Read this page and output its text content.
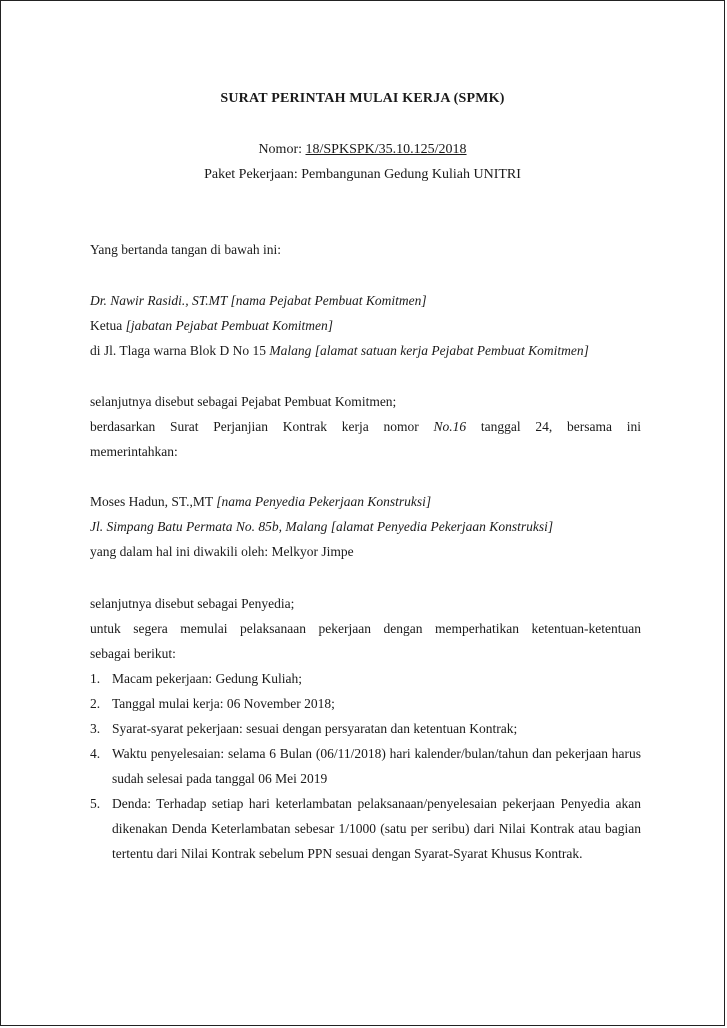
SURAT PERINTAH MULAI KERJA (SPMK)
Nomor: 18/SPKSPK/35.10.125/2018
Paket Pekerjaan: Pembangunan Gedung Kuliah UNITRI
Yang bertanda tangan di bawah ini:
Dr. Nawir Rasidi., ST.MT [nama Pejabat Pembuat Komitmen]
Ketua [jabatan Pejabat Pembuat Komitmen]
di Jl. Tlaga warna Blok D No 15 Malang [alamat satuan kerja Pejabat Pembuat Komitmen]
selanjutnya disebut sebagai Pejabat Pembuat Komitmen;
berdasarkan Surat Perjanjian Kontrak kerja nomor No.16 tanggal 24, bersama ini
memerintahkan:
Moses Hadun, ST.,MT [nama Penyedia Pekerjaan Konstruksi]
Jl. Simpang Batu Permata No. 85b, Malang [alamat Penyedia Pekerjaan Konstruksi]
yang dalam hal ini diwakili oleh: Melkyor Jimpe
selanjutnya disebut sebagai Penyedia;
untuk segera memulai pelaksanaan pekerjaan dengan memperhatikan ketentuan-ketentuan
sebagai berikut:
1. Macam pekerjaan: Gedung Kuliah;
2. Tanggal mulai kerja: 06 November 2018;
3. Syarat-syarat pekerjaan: sesuai dengan persyaratan dan ketentuan Kontrak;
4. Waktu penyelesaian: selama 6 Bulan (06/11/2018) hari kalender/bulan/tahun dan pekerjaan harus sudah selesai pada tanggal 06 Mei 2019
5. Denda: Terhadap setiap hari keterlambatan pelaksanaan/penyelesaian pekerjaan Penyedia akan dikenakan Denda Keterlambatan sebesar 1/1000 (satu per seribu) dari Nilai Kontrak atau bagian tertentu dari Nilai Kontrak sebelum PPN sesuai dengan Syarat-Syarat Khusus Kontrak.
